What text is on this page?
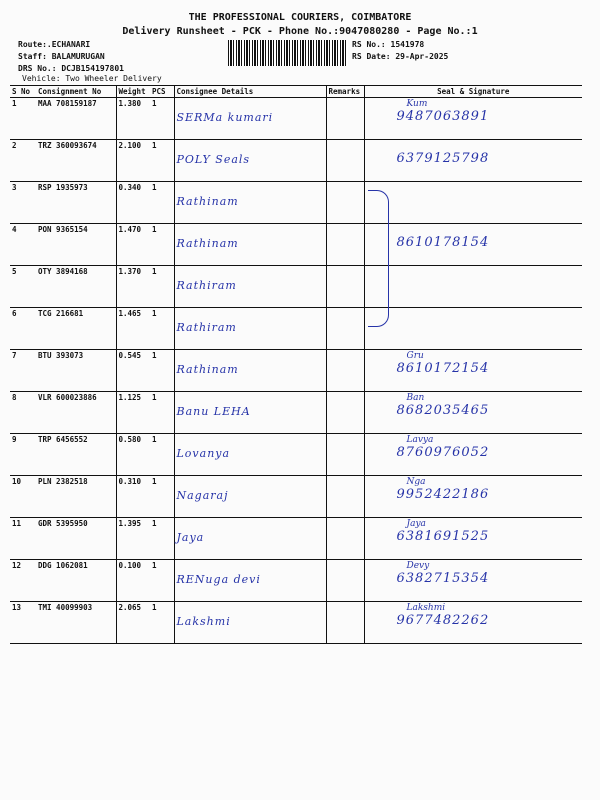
THE PROFESSIONAL COURIERS, COIMBATORE
Delivery Runsheet - PCK - Phone No.:9047080280 - Page No.:1
Route:.ECHANARI
Staff: BALAMURUGAN
DRS No.: DCJB154197801
Vehicle: Two Wheeler Delivery
RS No.: 1541978
RS Date: 29-Apr-2025
S No	Consignment No	Weight	PCS	Consignee Details	Remarks	Seal & Signature
1	MAA 708159187	1.380	1	SERMa kumari		Kum
9487063891

2	TRZ 360093674	2.100	1	POLY Seals		6379125798

3	RSP 1935973	0.340	1	Rathinam		

4	PON 9365154	1.470	1	Rathinam		8610178154

5	OTY 3894168	1.370	1	Rathiram		

6	TCG 216681	1.465	1	Rathiram		

7	BTU 393073	0.545	1	Rathinam		Gru
8610172154

8	VLR 600023886	1.125	1	Banu LEHA		Ban
8682035465

9	TRP 6456552	0.580	1	Lovanya		Lavya
8760976052

10	PLN 2382518	0.310	1	Nagaraj		Nga
9952422186

11	GDR 5395950	1.395	1	Jaya		Jaya
6381691525

12	DDG 1062081	0.100	1	RENuga devi		Devy
6382715354

13	TMI 40099903	2.065	1	Lakshmi		Lakshmi
9677482262
